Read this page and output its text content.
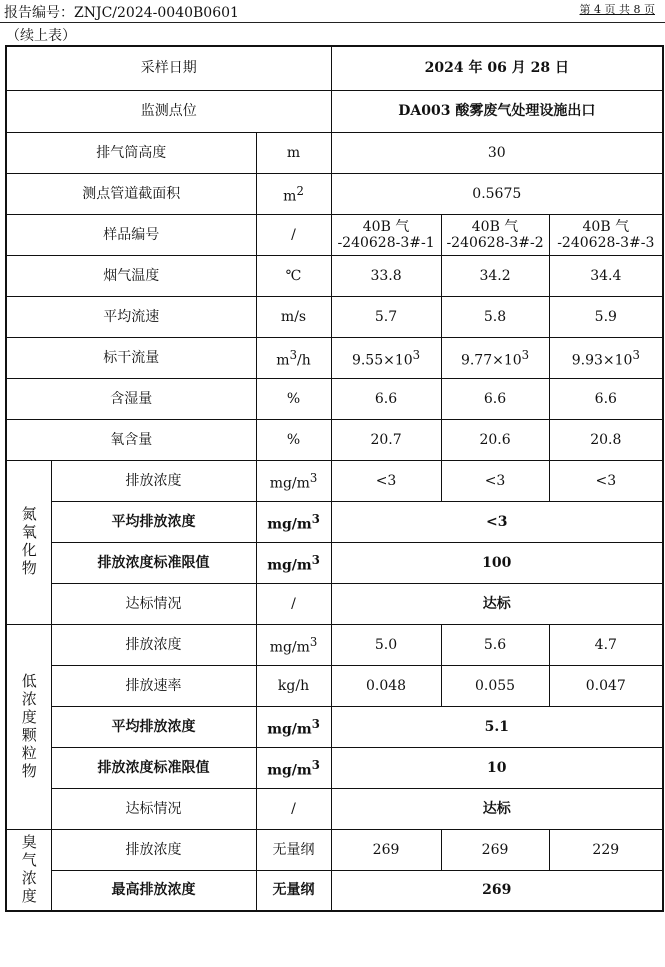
报告编号：ZNJC/2024-0040B0601	第 4 页 共 8 页
（续上表）
采样日期			2024 年 06 月 28 日		
监测点位			DA003 酸雾废气处理设施出口		
排气筒高度		m	30		
测点管道截面积		$m^2$	0.5675		
样品编号		/	40B 气 -240628-3#-1	40B 气 -240628-3#-2	40B 气 -240628-3#-3
烟气温度		℃	33.8	34.2	34.4
平均流速		m/s	5.7	5.8	5.9
标干流量		$m^3/h$	$9.55\times 10^3$	$9.77\times 10^3$	$9.93\times 10^3$
含湿量		%	6.6	6.6	6.6
氧含量		%	20.7	20.6	20.8

氮氧化物	排放浓度	$mg/m^3$	<3	<3	<3
	平均排放浓度	$mg/m^3$	<3		
	排放浓度标准限值	$mg/m^3$	100		
	达标情况	/	达标		

低浓度颗粒物	排放浓度	$mg/m^3$	5.0	5.6	4.7
	排放速率	kg/h	0.048	0.055	0.047
	平均排放浓度	$mg/m^3$	5.1		
	排放浓度标准限值	$mg/m^3$	10		
	达标情况	/	达标		

臭气浓度	排放浓度	无量纲	269	269	229
	最高排放浓度	无量纲	269		
